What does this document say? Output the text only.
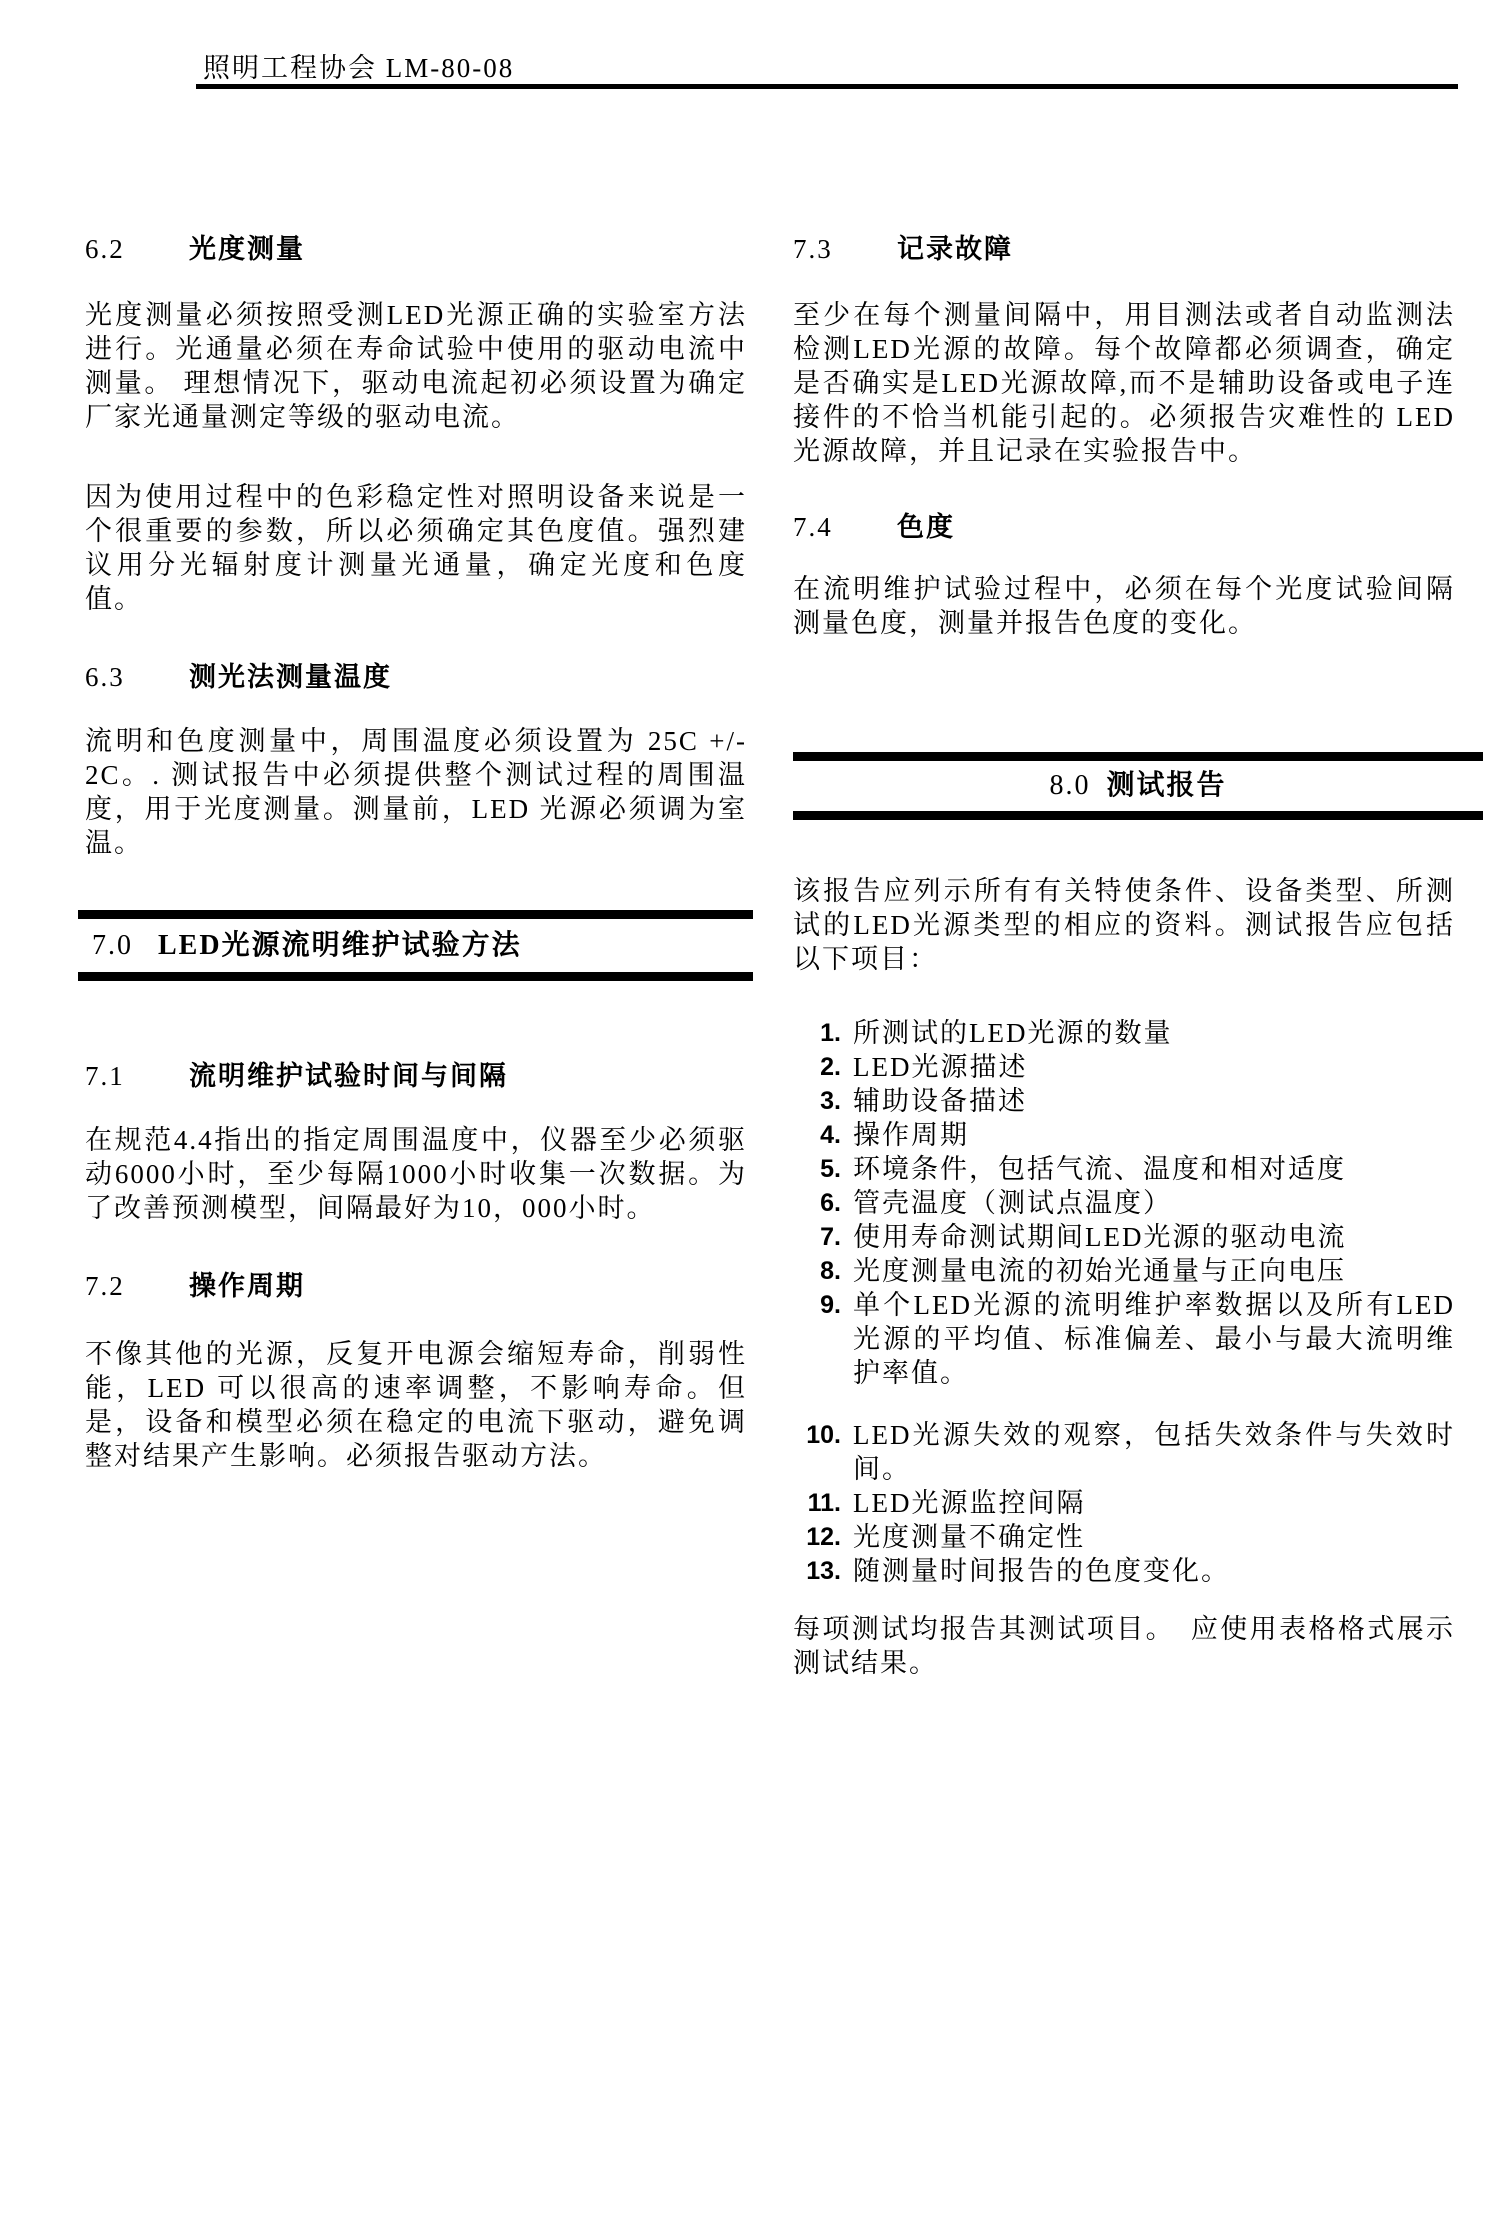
照明工程协会 LM-80-08
6.2	光度测量

光度测量必须按照受测LED光源正确的实验室方法进行。光通量必须在寿命试验中使用的驱动电流中测量。 理想情况下，驱动电流起初必须设置为确定厂家光通量测定等级的驱动电流。

因为使用过程中的色彩稳定性对照明设备来说是一个很重要的参数，所以必须确定其色度值。强烈建议用分光辐射度计测量光通量，确定光度和色度值。

6.3	测光法测量温度

流明和色度测量中，周围温度必须设置为 25C +/- 2C。. 测试报告中必须提供整个测试过程的周围温度，用于光度测量。测量前，LED 光源必须调为室温。

7.0 LED光源流明维护试验方法
7.1	流明维护试验时间与间隔

在规范4.4指出的指定周围温度中，仪器至少必须驱动6000小时，至少每隔1000小时收集一次数据。为了改善预测模型，间隔最好为10，000小时。

7.2	操作周期

不像其他的光源，反复开电源会缩短寿命，削弱性能，LED 可以很高的速率调整，不影响寿命。但是，设备和模型必须在稳定的电流下驱动，避免调整对结果产生影响。必须报告驱动方法。

7.3	记录故障

至少在每个测量间隔中，用目测法或者自动监测法检测LED光源的故障。每个故障都必须调查，确定是否确实是LED光源故障,而不是辅助设备或电子连接件的不恰当机能引起的。必须报告灾难性的 LED 光源故障，并且记录在实验报告中。

7.4	色度

在流明维护试验过程中，必须在每个光度试验间隔测量色度，测量并报告色度的变化。

8.0 测试报告

该报告应列示所有有关特使条件、设备类型、所测试的LED光源类型的相应的资料。测试报告应包括以下项目：

1. 所测试的LED光源的数量
2. LED光源描述
3. 辅助设备描述
4. 操作周期
5. 环境条件，包括气流、温度和相对适度
6. 管壳温度（测试点温度）
7. 使用寿命测试期间LED光源的驱动电流
8. 光度测量电流的初始光通量与正向电压
9. 单个LED光源的流明维护率数据以及所有LED光源的平均值、标准偏差、最小与最大流明维护率值。
10. LED光源失效的观察，包括失效条件与失效时间。
11. LED光源监控间隔
12. 光度测量不确定性
13. 随测量时间报告的色度变化。

每项测试均报告其测试项目。　应使用表格格式展示测试结果。
